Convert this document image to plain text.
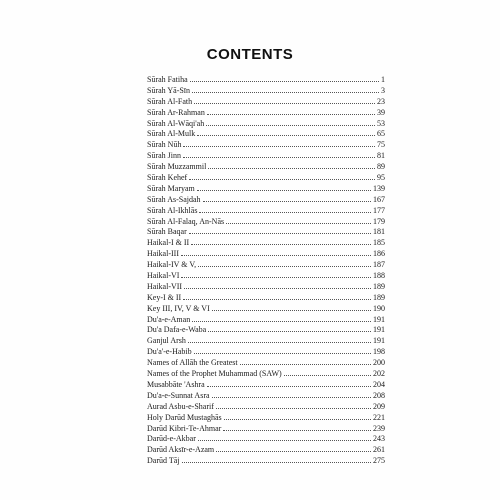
CONTENTS
Sūrah Fatiha	1
Sūrah Yā-Sīn	3
Sūrah Al-Fath	23
Sūrah Ar-Rahman	39
Sūrah Al-Wāqi'ah	53
Sūrah Al-Mulk	65
Sūrah Nūh	75
Sūrah Jinn	81
Sūrah Muzzammil	89
Sūrah Kehef	95
Sūrah Maryam	139
Sūrah As-Sajdah	167
Sūrah Al-Ikhlās	177
Sūrah Al-Falaq, An-Nās	179
Sūrah Baqar	181
Haikal-I & II	185
Haikal-III	186
Haikal-IV & V,	187
Haikal-VI	188
Haikal-VII	189
Key-I & II	189
Key III, IV, V & VI	190
Du'a-e-Aman	191
Du'a Dafa-e-Waba	191
Ganjul Arsh	191
Du'a'-e-Habib	198
Names of Allāh the Greatest	200
Names of the Prophet Muhammad (SAW)	202
Musabbāte 'Ashra	204
Du'a-e-Sunnat Asra	208
Aurad Asbu-e-Sharif	209
Holy Darūd Mustaghās	221
Darūd Kibri-Te-Ahmar	239
Darūd-e-Akbar	243
Darūd Aksīr-e-Azam	261
Darūd Tāj	275
